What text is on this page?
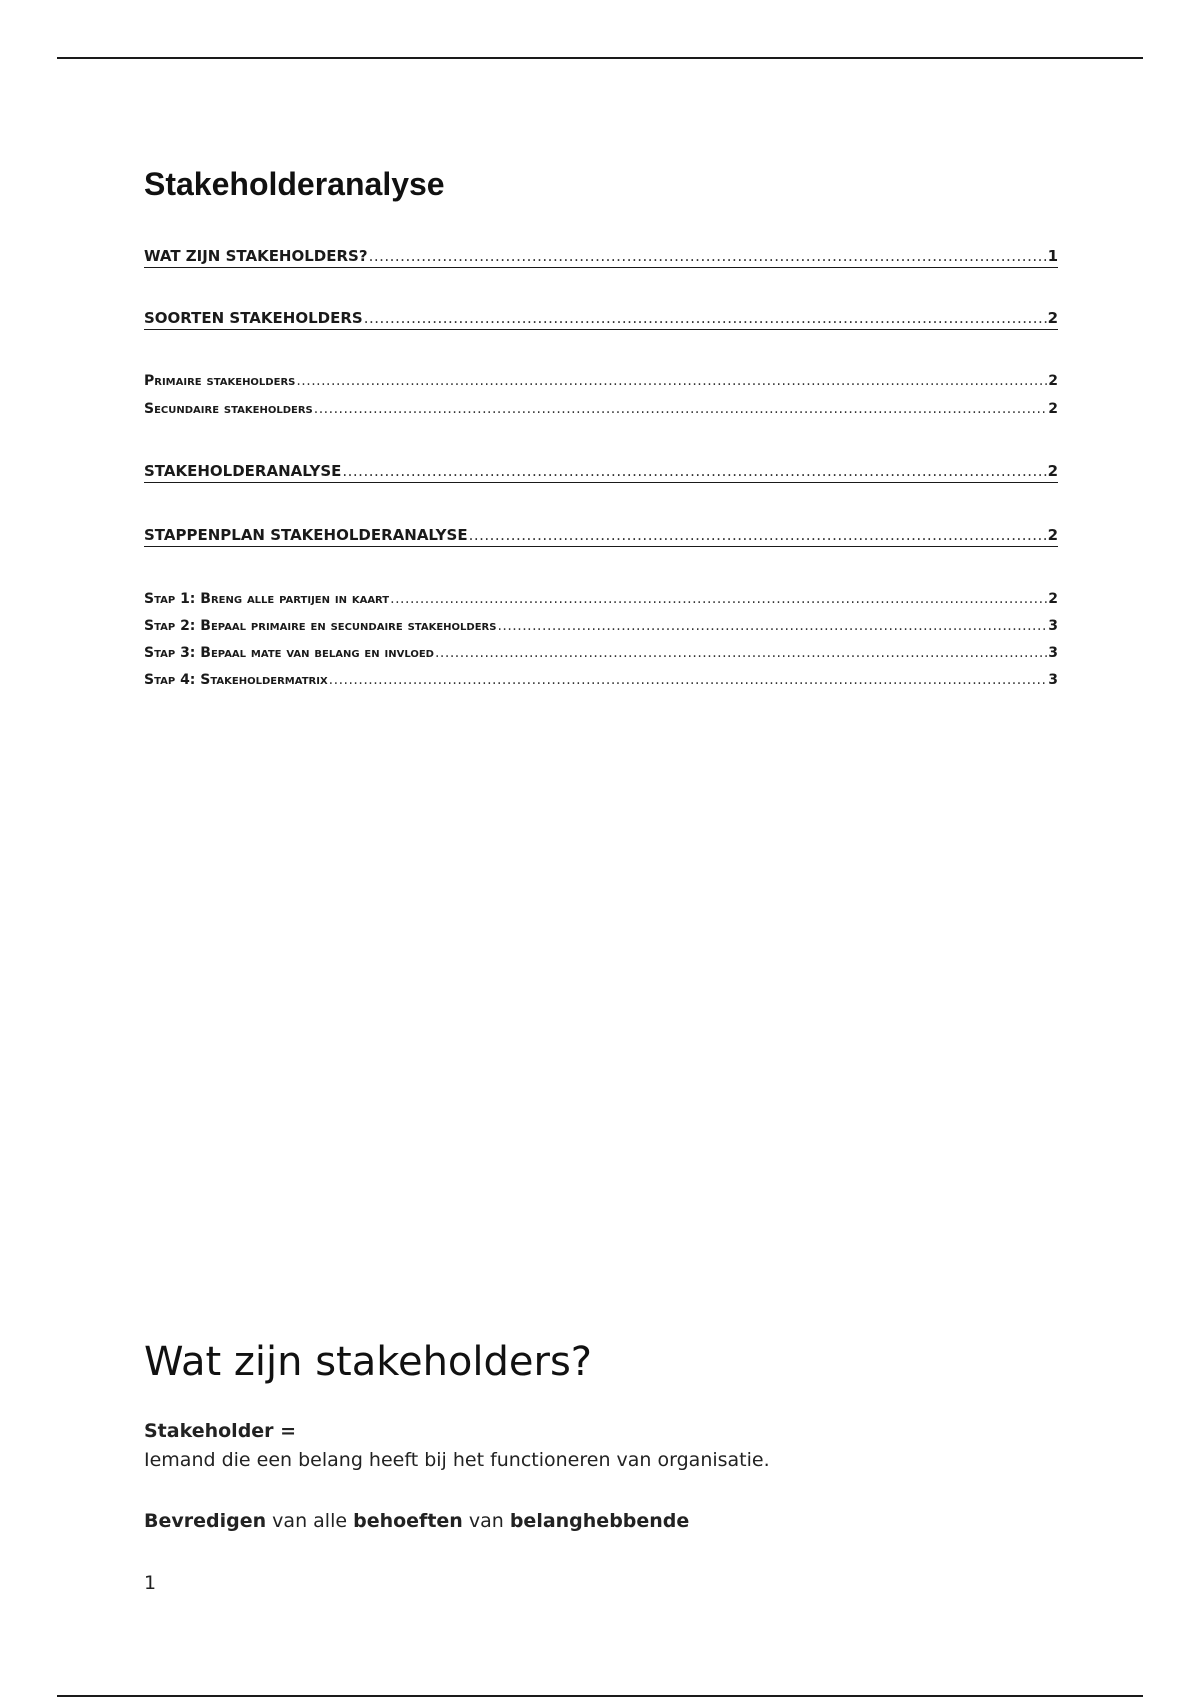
Stakeholderanalyse
WAT ZIJN STAKEHOLDERS? .....	1
SOORTEN STAKEHOLDERS .....	2
Primaire stakeholders .....	2
Secundaire stakeholders .....	2
STAKEHOLDERANALYSE .....	2
STAPPENPLAN STAKEHOLDERANALYSE .....	2
Stap 1: Breng alle partijen in kaart .....	2
Stap 2: Bepaal primaire en secundaire stakeholders .....	3
Stap 3: Bepaal mate van belang en invloed .....	3
Stap 4: Stakeholdermatrix .....	3
Wat zijn stakeholders?
Stakeholder =
Iemand die een belang heeft bij het functioneren van organisatie.
Bevredigen van alle behoeften van belanghebbende
1
